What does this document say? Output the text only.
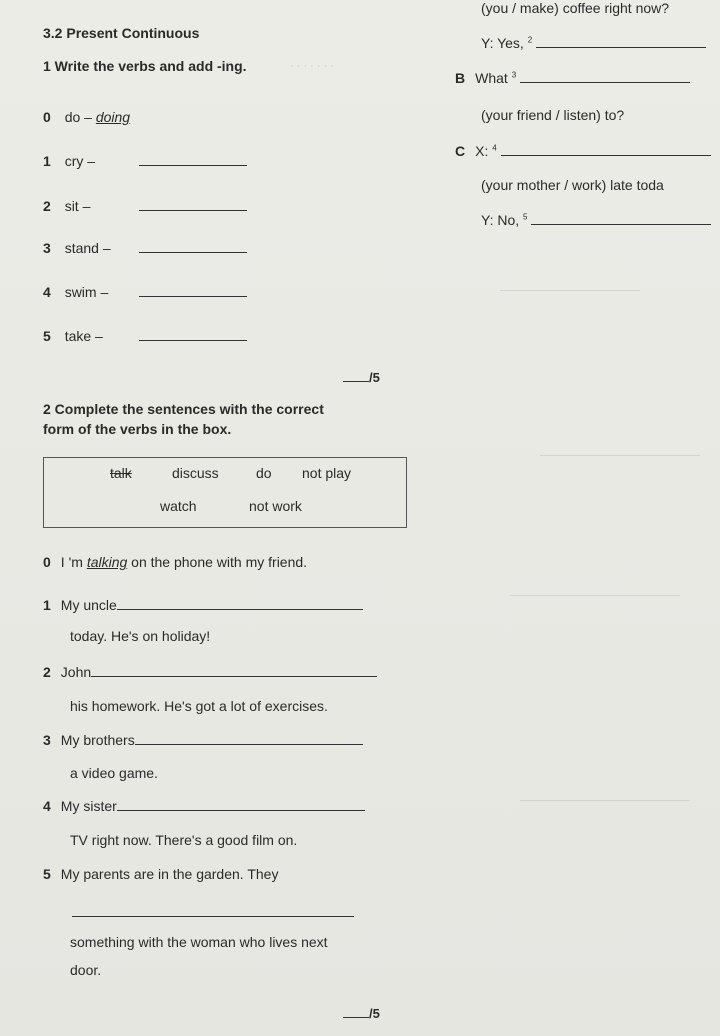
· · · · · · ·
3.2 Present Continuous
1 Write the verbs and add -ing.
0 do – doing
1 cry –
2 sit –
3 stand –
4 swim –
5 take –
/5
2 Complete the sentences with the correct
form of the verbs in the box.
talk	discuss	do not play
watch	not work
0 I 'm talking on the phone with my friend.
1 My uncle
today. He's on holiday!
2 John
his homework. He's got a lot of exercises.
3 My brothers
a video game.
4 My sister
TV right now. There's a good film on.
5 My parents are in the garden. They
something with the woman who lives next
door.
/5
(you / make) coffee right now?
Y: Yes, $^2$
B What $^3$
(your friend / listen) to?
C X: $^4$
(your mother / work) late toda
Y: No, $^5$
